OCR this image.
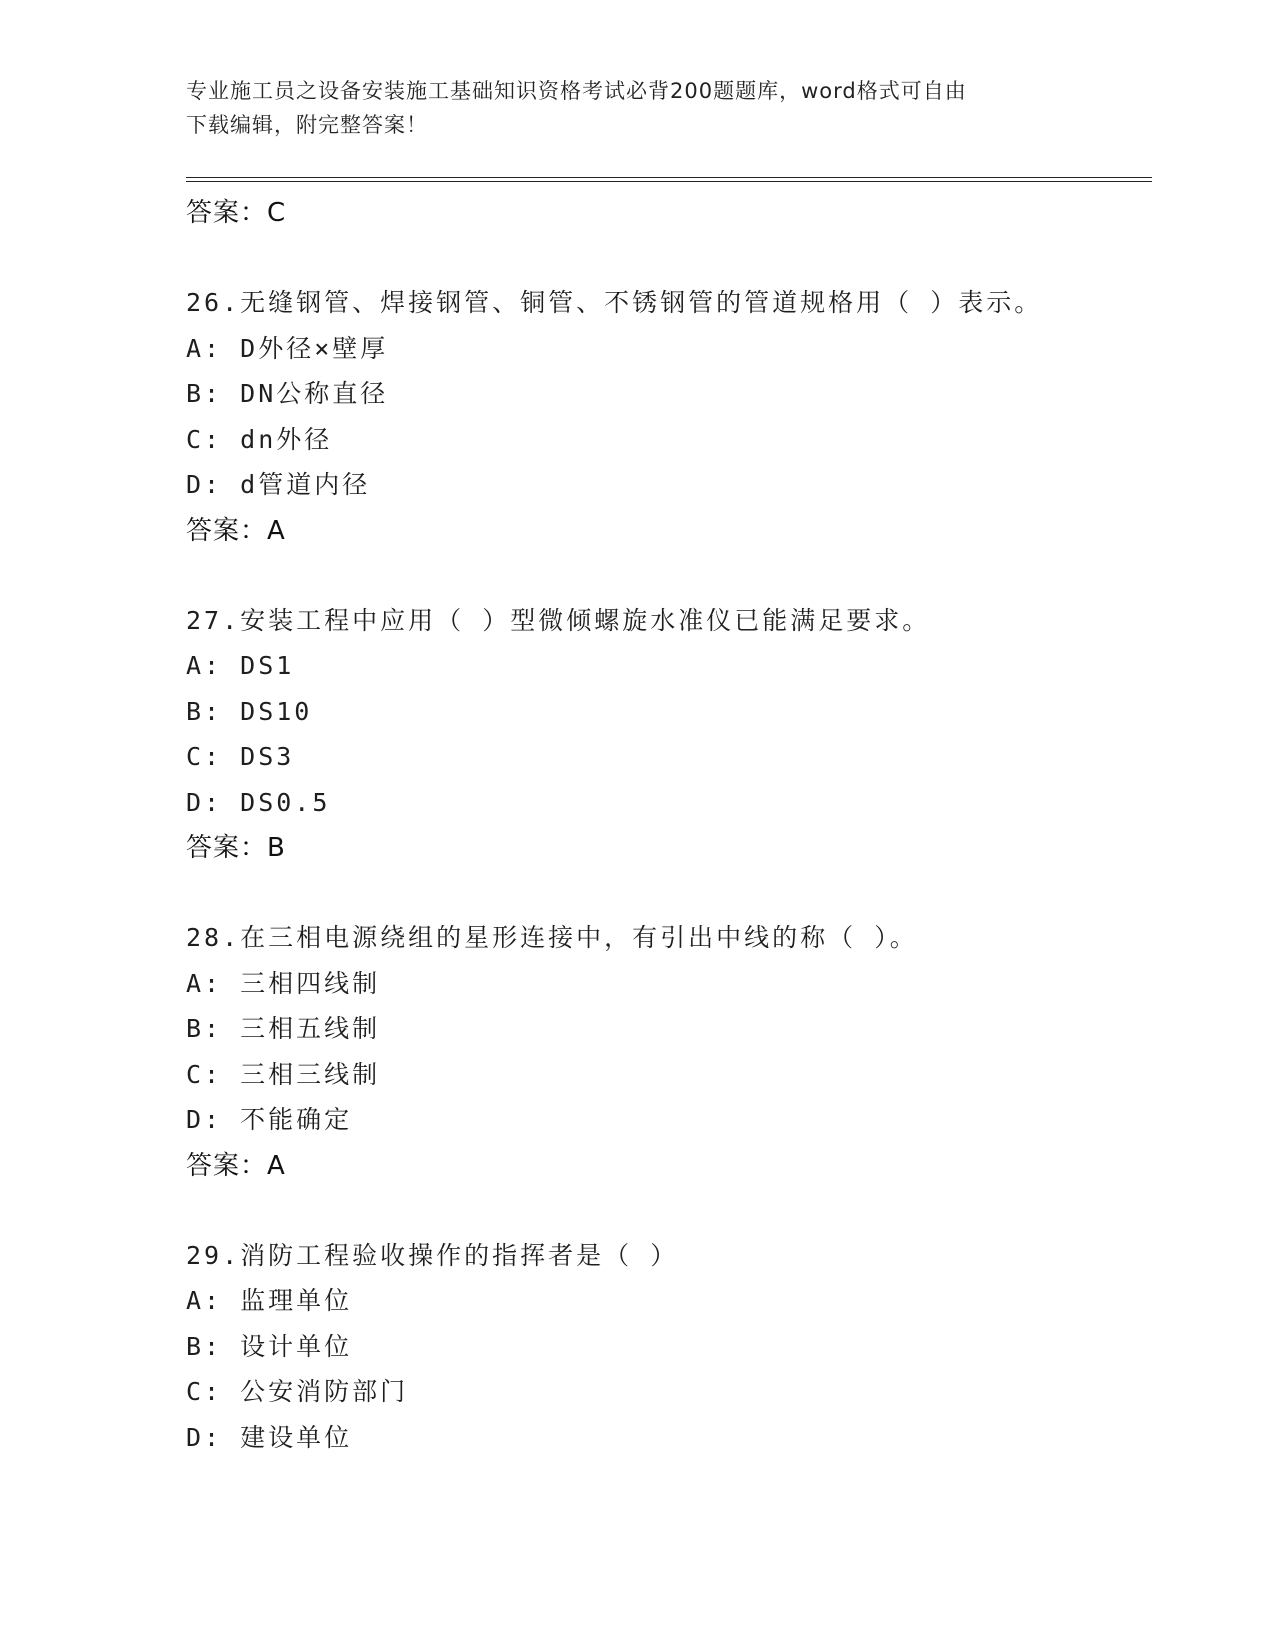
专业施工员之设备安装施工基础知识资格考试必背200题题库，word格式可自由
下载编辑，附完整答案！
答案：C
26.无缝钢管、焊接钢管、铜管、不锈钢管的管道规格用（ ）表示。
A: D外径×壁厚
B: DN公称直径
C: dn外径
D: d管道内径
答案：A
27.安装工程中应用（ ）型微倾螺旋水准仪已能满足要求。
A: DS1
B: DS10
C: DS3
D: DS0.5
答案：B
28.在三相电源绕组的星形连接中，有引出中线的称（ ）。
A: 三相四线制
B: 三相五线制
C: 三相三线制
D: 不能确定
答案：A
29.消防工程验收操作的指挥者是（ ）
A: 监理单位
B: 设计单位
C: 公安消防部门
D: 建设单位
